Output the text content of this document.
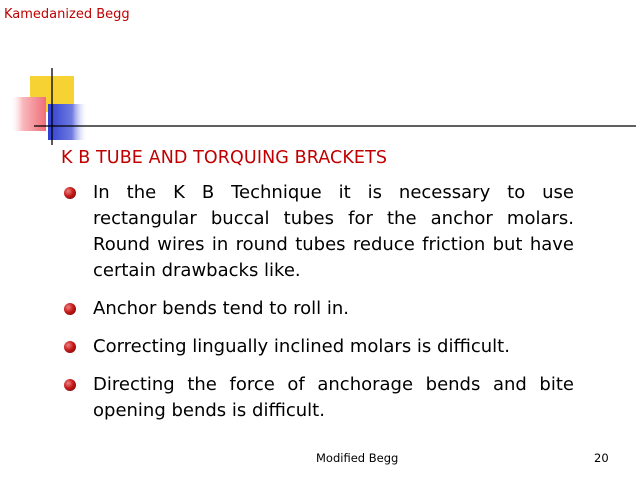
Kamedanized Begg
K B TUBE AND TORQUING BRACKETS
In the K B Technique it is necessary to use rectangular buccal tubes for the anchor molars. Round wires in round tubes reduce friction but have certain drawbacks like.
Anchor bends tend to roll in.
Correcting lingually inclined molars is difficult.
Directing the force of anchorage bends and bite opening bends is difficult.
Modified Begg	20
